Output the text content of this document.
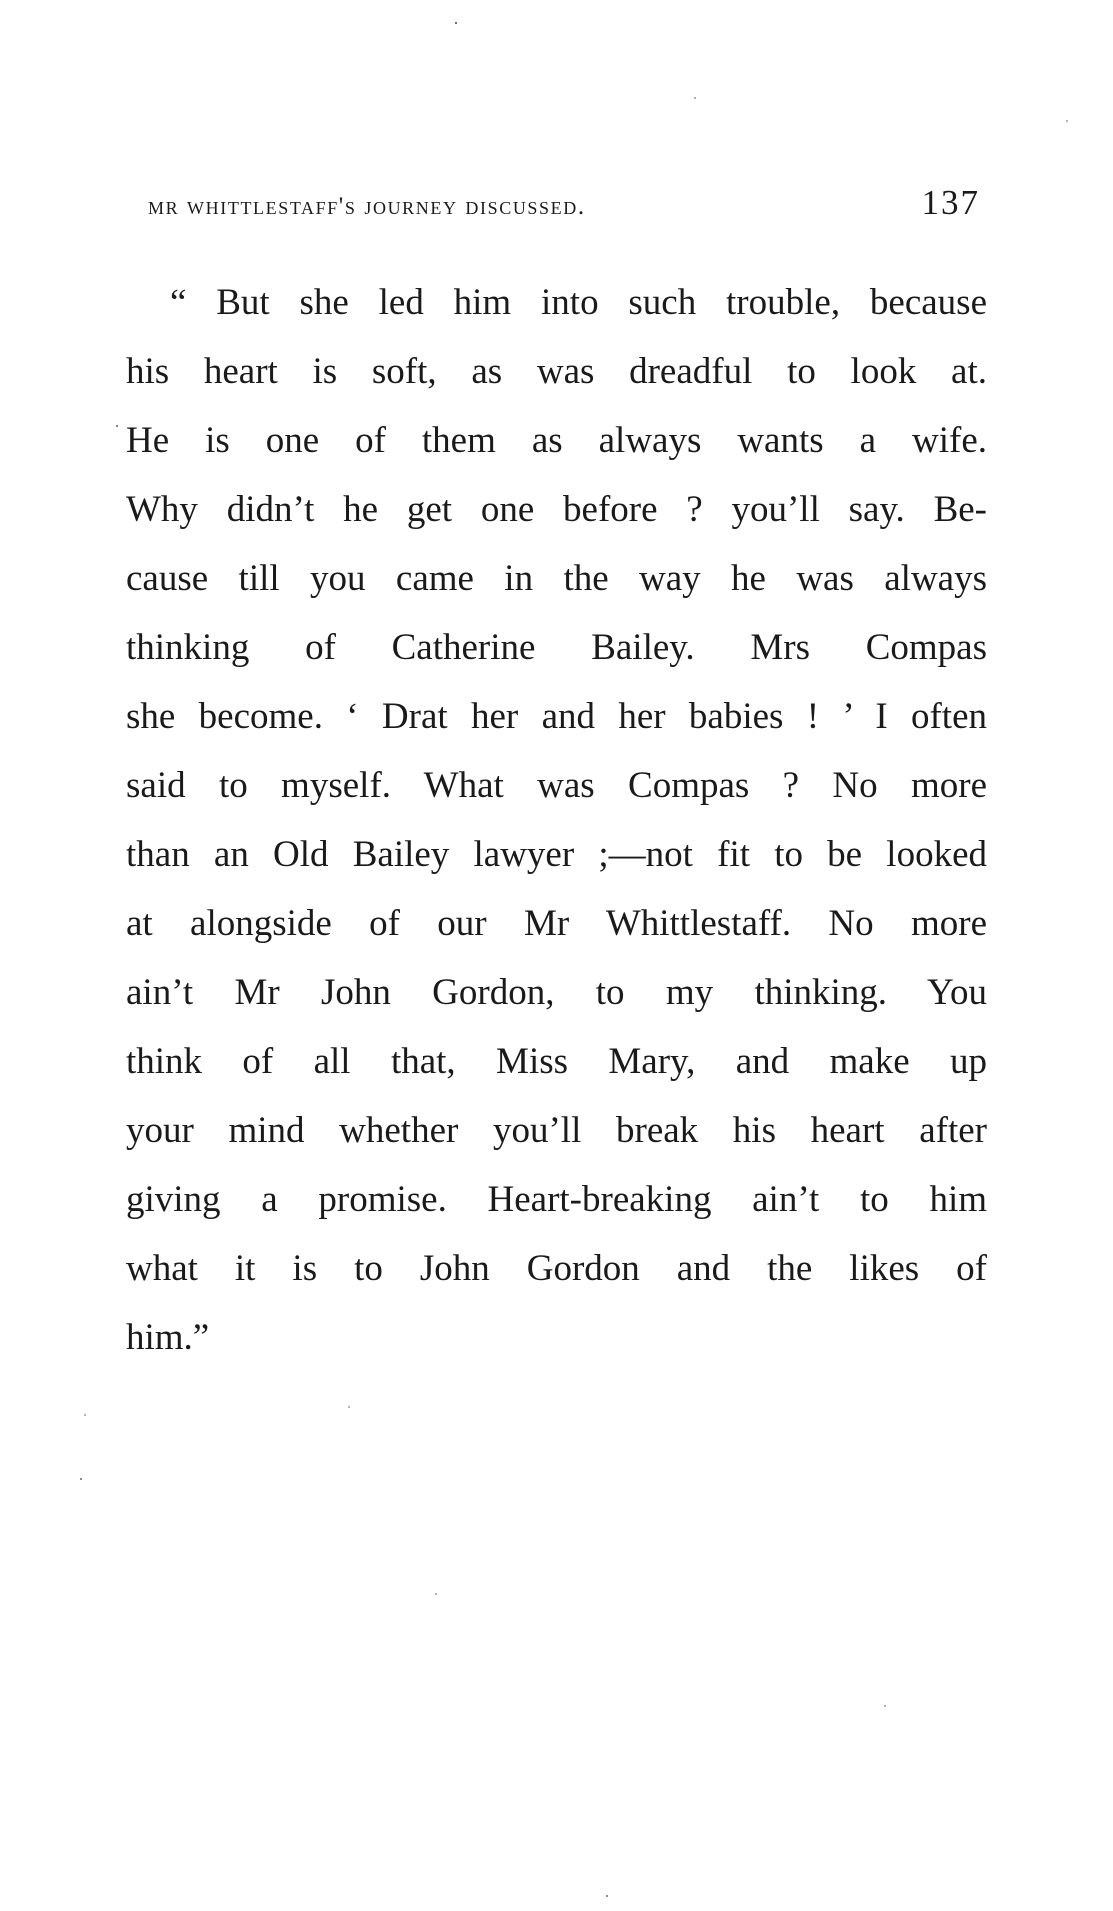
mr whittlestaff's journey discussed.	137
“ But she led him into such trouble, because
his heart is soft, as was dreadful to look at.
He is one of them as always wants a wife.
Why didn’t he get one before ? you’ll say. Be-
cause till you came in the way he was always
thinking of Catherine Bailey. Mrs Compas
she become. ‘ Drat her and her babies ! ’ I often
said to myself. What was Compas ? No more
than an Old Bailey lawyer ;—not fit to be looked
at alongside of our Mr Whittlestaff. No more
ain’t Mr John Gordon, to my thinking. You
think of all that, Miss Mary, and make up
your mind whether you’ll break his heart after
giving a promise. Heart-breaking ain’t to him
what it is to John Gordon and the likes of
him.”
